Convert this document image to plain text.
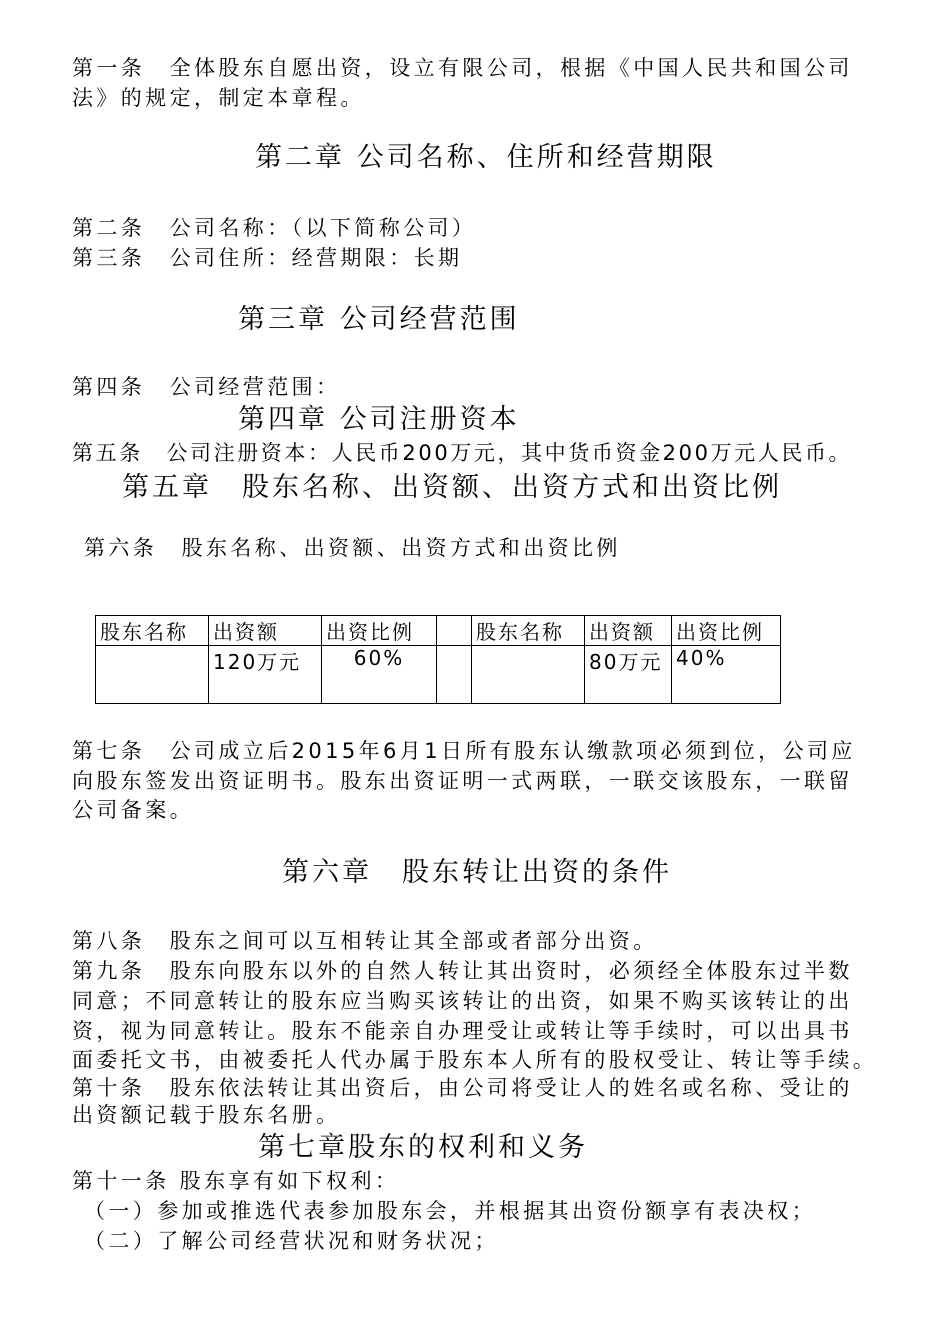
第一条　全体股东自愿出资，设立有限公司，根据《中国人民共和国公司
法》的规定，制定本章程。
第二章 公司名称、住所和经营期限
第二条　公司名称：（以下简称公司）
第三条　公司住所：经营期限：长期
第三章 公司经营范围
第四条　公司经营范围：
第四章 公司注册资本
第五条　公司注册资本：人民币200万元，其中货币资金200万元人民币。
第五章　股东名称、出资额、出资方式和出资比例
第六条　股东名称、出资额、出资方式和出资比例
股东名称	出资额	出资比例		股东名称	出资额	出资比例
	120万元	60%			80万元	40%
第七条　公司成立后2015年6月1日所有股东认缴款项必须到位，公司应
向股东签发出资证明书。股东出资证明一式两联，一联交该股东，一联留
公司备案。
第六章　股东转让出资的条件
第八条　股东之间可以互相转让其全部或者部分出资。
第九条　股东向股东以外的自然人转让其出资时，必须经全体股东过半数
同意；不同意转让的股东应当购买该转让的出资，如果不购买该转让的出
资，视为同意转让。股东不能亲自办理受让或转让等手续时，可以出具书
面委托文书，由被委托人代办属于股东本人所有的股权受让、转让等手续。
第十条　股东依法转让其出资后，由公司将受让人的姓名或名称、受让的
出资额记载于股东名册。
第七章股东的权利和义务
第十一条 股东享有如下权利：
（一）参加或推选代表参加股东会，并根据其出资份额享有表决权；
（二）了解公司经营状况和财务状况；
